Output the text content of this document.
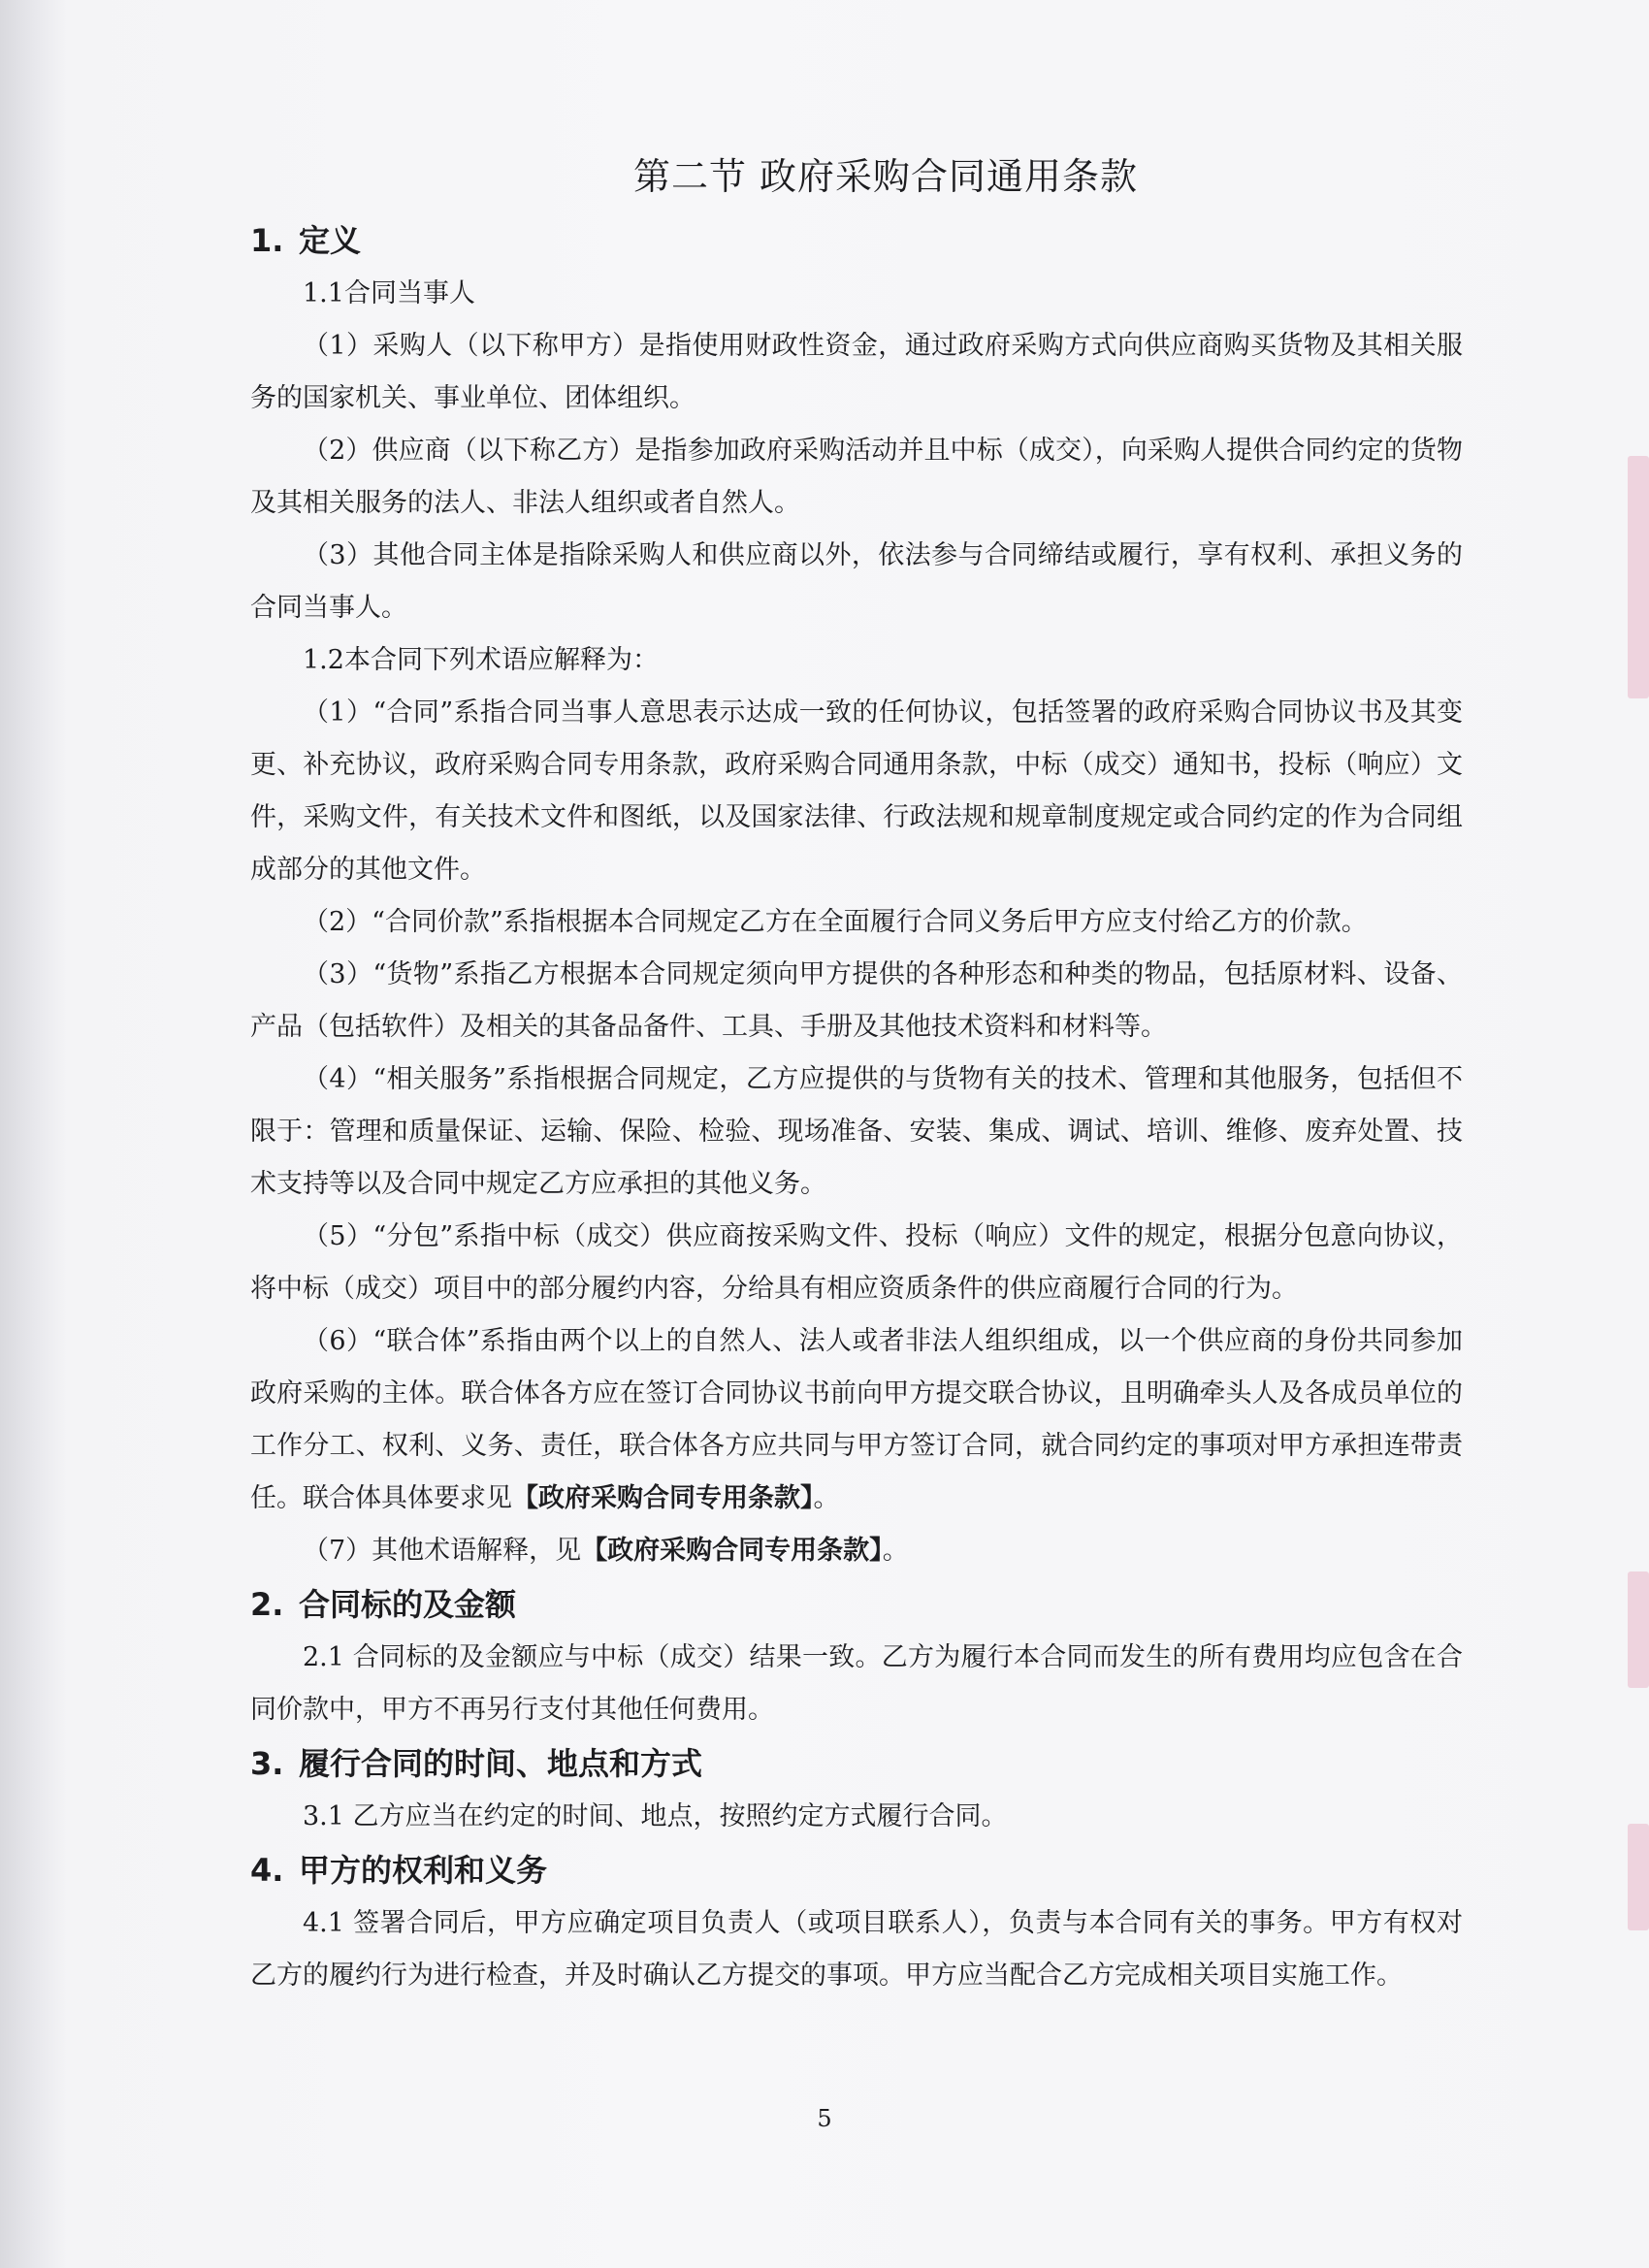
第二节 政府采购合同通用条款
1. 定义

1.1合同当事人

（1）采购人（以下称甲方）是指使用财政性资金，通过政府采购方式向供应商购买货物及其相关服务的国家机关、事业单位、团体组织。

（2）供应商（以下称乙方）是指参加政府采购活动并且中标（成交），向采购人提供合同约定的货物及其相关服务的法人、非法人组织或者自然人。

（3）其他合同主体是指除采购人和供应商以外，依法参与合同缔结或履行，享有权利、承担义务的合同当事人。

1.2本合同下列术语应解释为：

（1）“合同”系指合同当事人意思表示达成一致的任何协议，包括签署的政府采购合同协议书及其变更、补充协议，政府采购合同专用条款，政府采购合同通用条款，中标（成交）通知书，投标（响应）文件，采购文件，有关技术文件和图纸，以及国家法律、行政法规和规章制度规定或合同约定的作为合同组成部分的其他文件。

（2）“合同价款”系指根据本合同规定乙方在全面履行合同义务后甲方应支付给乙方的价款。

（3）“货物”系指乙方根据本合同规定须向甲方提供的各种形态和种类的物品，包括原材料、设备、产品（包括软件）及相关的其备品备件、工具、手册及其他技术资料和材料等。

（4）“相关服务”系指根据合同规定，乙方应提供的与货物有关的技术、管理和其他服务，包括但不限于：管理和质量保证、运输、保险、检验、现场准备、安装、集成、调试、培训、维修、废弃处置、技术支持等以及合同中规定乙方应承担的其他义务。

（5）“分包”系指中标（成交）供应商按采购文件、投标（响应）文件的规定，根据分包意向协议，将中标（成交）项目中的部分履约内容，分给具有相应资质条件的供应商履行合同的行为。

（6）“联合体”系指由两个以上的自然人、法人或者非法人组织组成，以一个供应商的身份共同参加政府采购的主体。联合体各方应在签订合同协议书前向甲方提交联合协议，且明确牵头人及各成员单位的工作分工、权利、义务、责任，联合体各方应共同与甲方签订合同，就合同约定的事项对甲方承担连带责任。联合体具体要求见【政府采购合同专用条款】。

（7）其他术语解释，见【政府采购合同专用条款】。

2. 合同标的及金额

2.1 合同标的及金额应与中标（成交）结果一致。乙方为履行本合同而发生的所有费用均应包含在合同价款中，甲方不再另行支付其他任何费用。

3. 履行合同的时间、地点和方式

3.1 乙方应当在约定的时间、地点，按照约定方式履行合同。

4. 甲方的权利和义务

4.1 签署合同后，甲方应确定项目负责人（或项目联系人），负责与本合同有关的事务。甲方有权对乙方的履约行为进行检查，并及时确认乙方提交的事项。甲方应当配合乙方完成相关项目实施工作。

5
